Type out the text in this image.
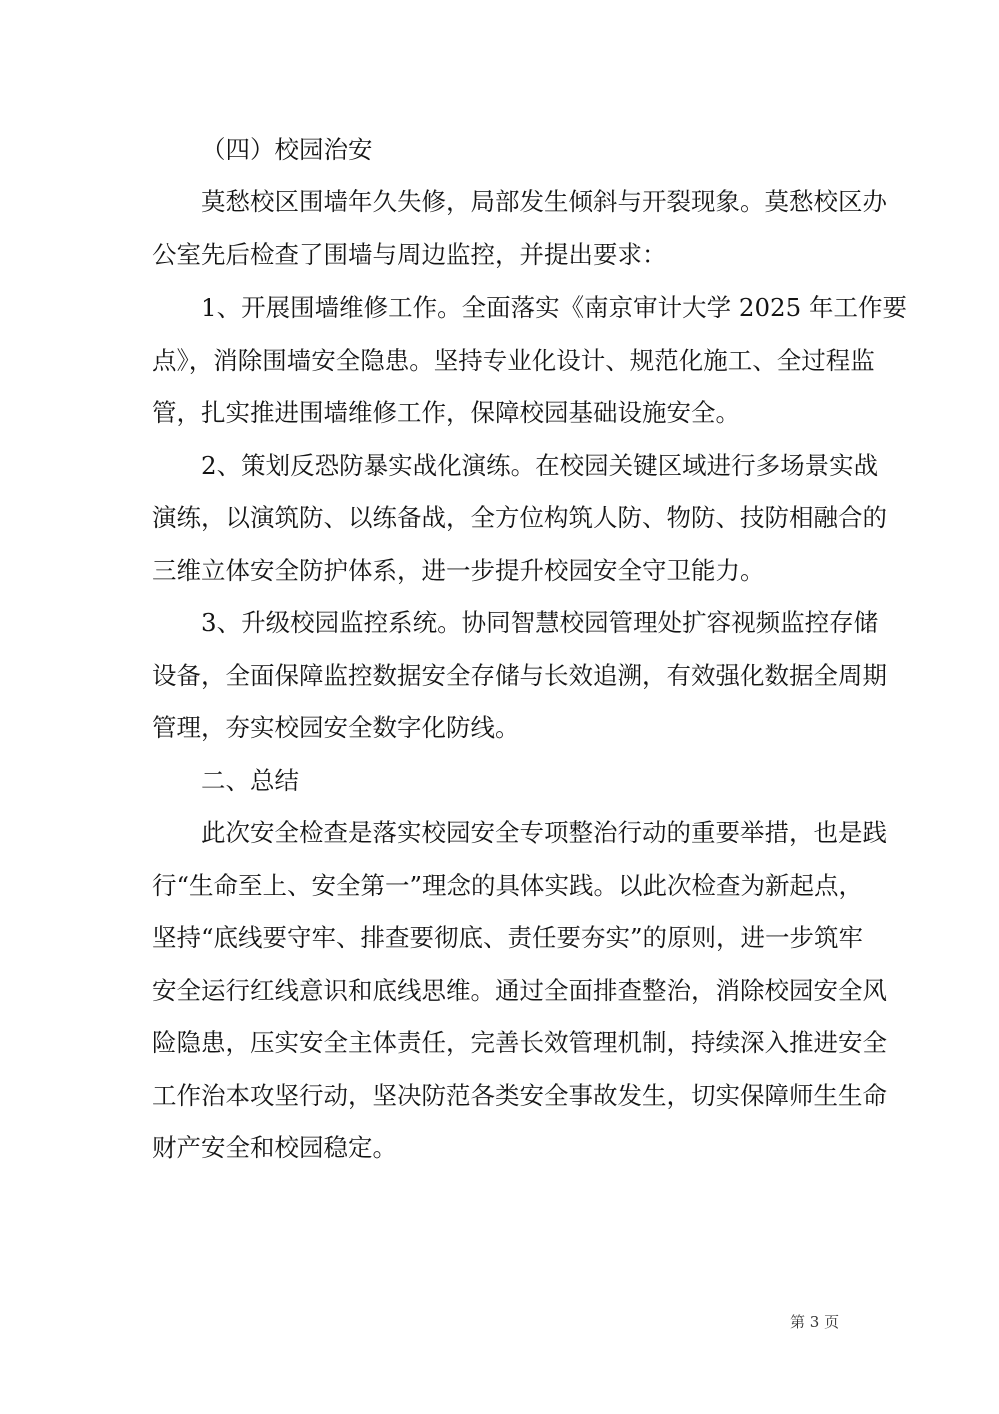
（四）校园治安
莫愁校区围墙年久失修，局部发生倾斜与开裂现象。莫愁校区办
公室先后检查了围墙与周边监控，并提出要求：
1、开展围墙维修工作。全面落实《南京审计大学 2025 年工作要
点》，消除围墙安全隐患。坚持专业化设计、规范化施工、全过程监
管，扎实推进围墙维修工作，保障校园基础设施安全。
2、策划反恐防暴实战化演练。在校园关键区域进行多场景实战
演练，以演筑防、以练备战，全方位构筑人防、物防、技防相融合的
三维立体安全防护体系，进一步提升校园安全守卫能力。
3、升级校园监控系统。协同智慧校园管理处扩容视频监控存储
设备，全面保障监控数据安全存储与长效追溯，有效强化数据全周期
管理，夯实校园安全数字化防线。
二、总结
此次安全检查是落实校园安全专项整治行动的重要举措，也是践
行“生命至上、安全第一”理念的具体实践。以此次检查为新起点，
坚持“底线要守牢、排查要彻底、责任要夯实”的原则，进一步筑牢
安全运行红线意识和底线思维。通过全面排查整治，消除校园安全风
险隐患，压实安全主体责任，完善长效管理机制，持续深入推进安全
工作治本攻坚行动，坚决防范各类安全事故发生，切实保障师生生命
财产安全和校园稳定。
第 3 页
